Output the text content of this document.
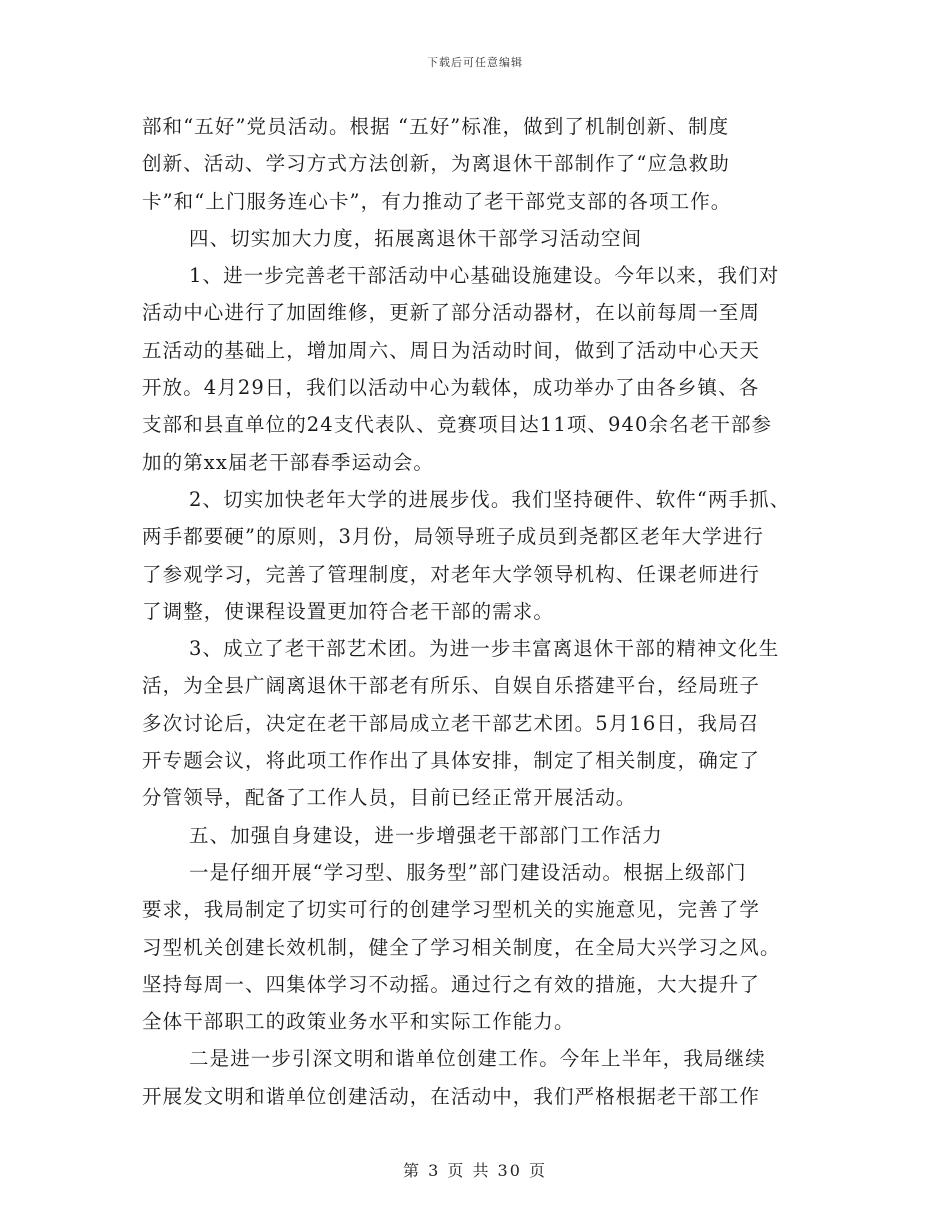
下载后可任意编辑
部和“五好”党员活动。根据 “五好”标准，做到了机制创新、制度
创新、活动、学习方式方法创新，为离退休干部制作了“应急救助
卡”和“上门服务连心卡”，有力推动了老干部党支部的各项工作。
四、切实加大力度，拓展离退休干部学习活动空间
1、进一步完善老干部活动中心基础设施建设。今年以来，我们对
活动中心进行了加固维修，更新了部分活动器材，在以前每周一至周
五活动的基础上，增加周六、周日为活动时间，做到了活动中心天天
开放。4月29日，我们以活动中心为载体，成功举办了由各乡镇、各
支部和县直单位的24支代表队、竞赛项目达11项、940余名老干部参
加的第xx届老干部春季运动会。
2、切实加快老年大学的进展步伐。我们坚持硬件、软件“两手抓、
两手都要硬”的原则，3月份，局领导班子成员到尧都区老年大学进行
了参观学习，完善了管理制度，对老年大学领导机构、任课老师进行
了调整，使课程设置更加符合老干部的需求。
3、成立了老干部艺术团。为进一步丰富离退休干部的精神文化生
活，为全县广阔离退休干部老有所乐、自娱自乐搭建平台，经局班子
多次讨论后，决定在老干部局成立老干部艺术团。5月16日，我局召
开专题会议，将此项工作作出了具体安排，制定了相关制度，确定了
分管领导，配备了工作人员，目前已经正常开展活动。
五、加强自身建设，进一步增强老干部部门工作活力
一是仔细开展“学习型、服务型”部门建设活动。根据上级部门
要求，我局制定了切实可行的创建学习型机关的实施意见，完善了学
习型机关创建长效机制，健全了学习相关制度，在全局大兴学习之风。
坚持每周一、四集体学习不动摇。通过行之有效的措施，大大提升了
全体干部职工的政策业务水平和实际工作能力。
二是进一步引深文明和谐单位创建工作。今年上半年，我局继续
开展发文明和谐单位创建活动，在活动中，我们严格根据老干部工作
第 3 页 共 30 页
